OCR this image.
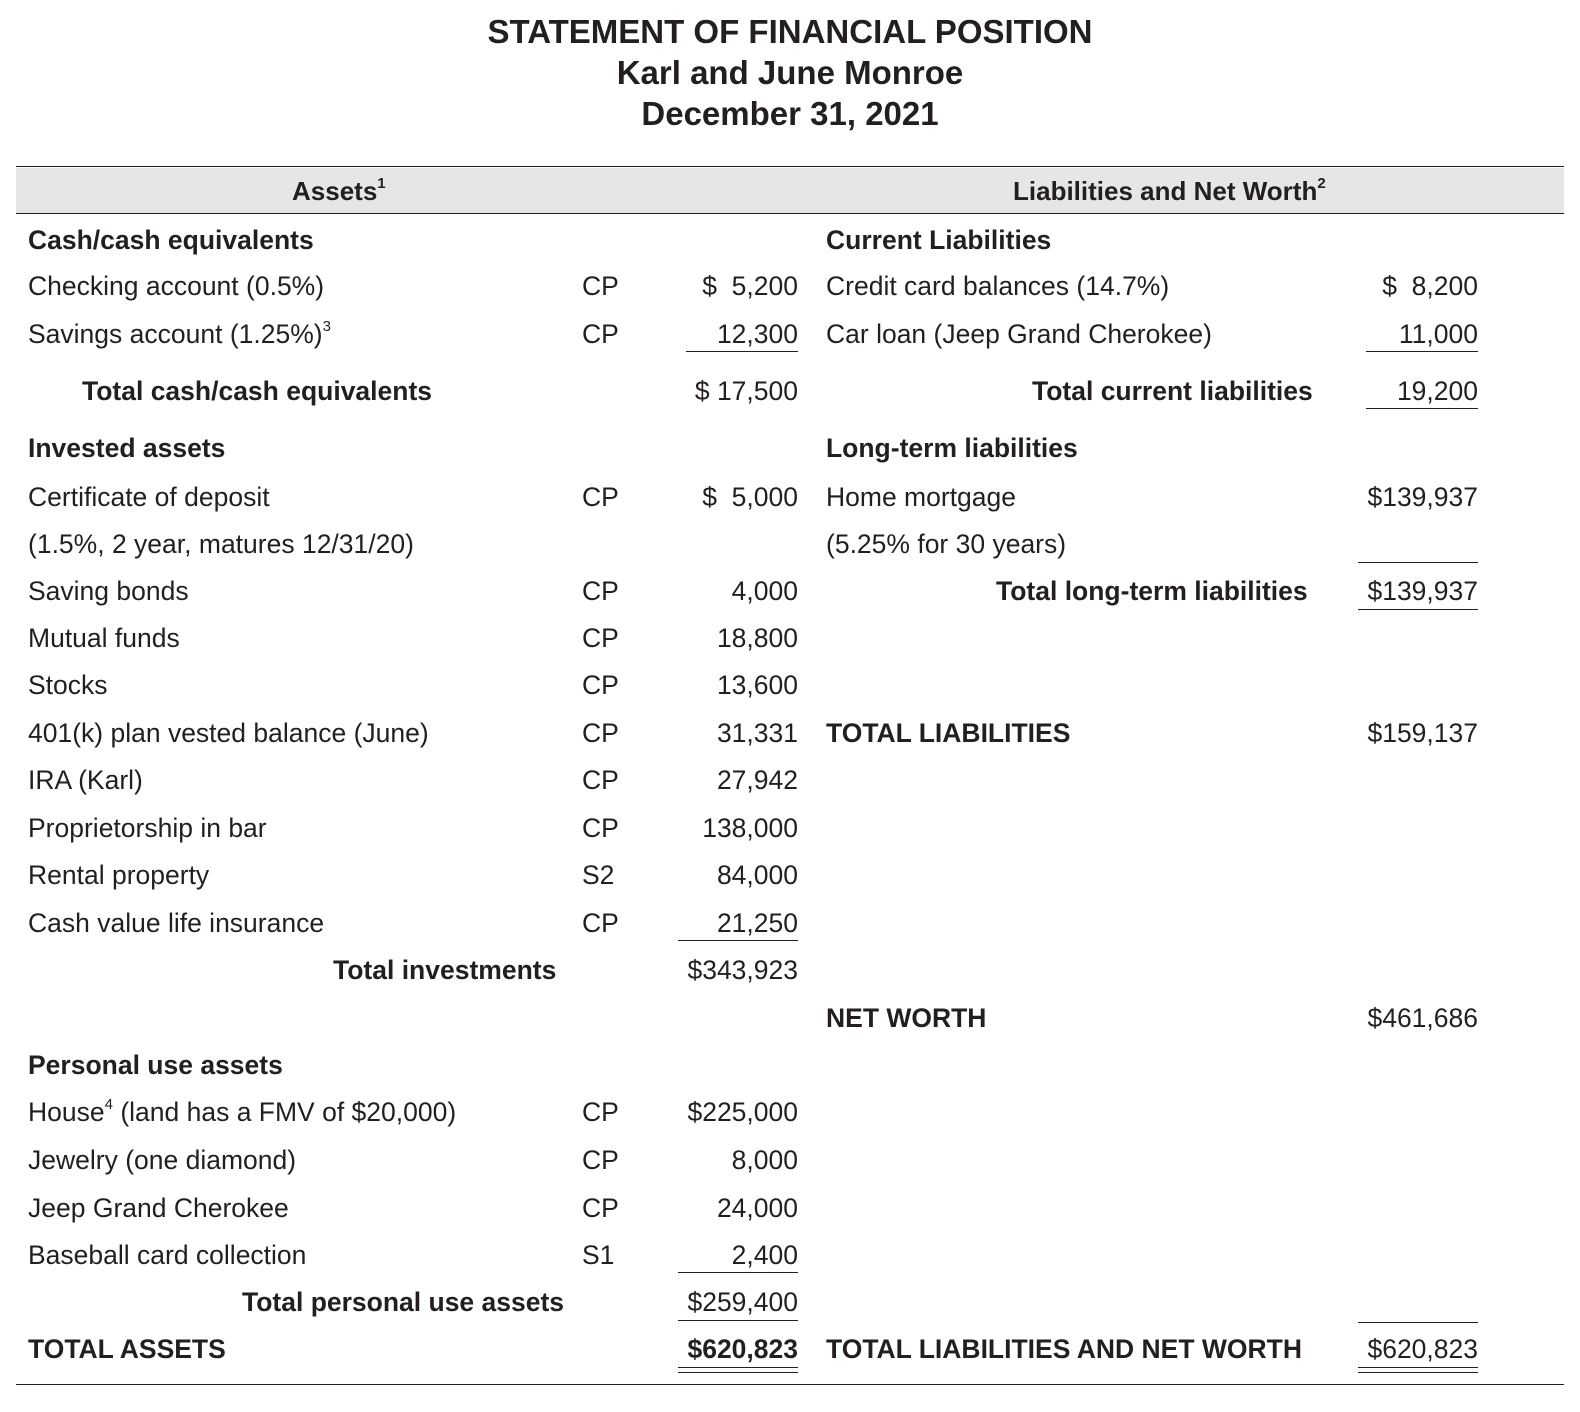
STATEMENT OF FINANCIAL POSITION
Karl and June Monroe
December 31, 2021
Assets$^1$	Liabilities and Net Worth$^2$
Cash/cash equivalents
Checking account (0.5%)	CP	$  5,200
Savings account $(1.25\%)^3$	CP	12,300
Total cash/cash equivalents	$ 17,500
Invested assets
Certificate of deposit	CP	$  5,000
(1.5%, 2 year, matures 12/31/20)
Saving bonds	CP	4,000
Mutual funds	CP	18,800
Stocks	CP	13,600
401(k) plan vested balance (June)	CP	31,331
IRA (Karl)	CP	27,942
Proprietorship in bar	CP	138,000
Rental property	S2	84,000
Cash value life insurance	CP	21,250
Total investments	$343,923
Personal use assets
House$^4$ (land has a FMV of $20,000)	CP	$225,000
Jewelry (one diamond)	CP	8,000
Jeep Grand Cherokee	CP	24,000
Baseball card collection	S1	2,400
Total personal use assets	$259,400
TOTAL ASSETS	$620,823
Current Liabilities
Credit card balances (14.7%)	$  8,200
Car loan (Jeep Grand Cherokee)	11,000
Total current liabilities	19,200
Long-term liabilities
Home mortgage	$139,937
(5.25% for 30 years)
Total long-term liabilities	$139,937
TOTAL LIABILITIES	$159,137
NET WORTH	$461,686
TOTAL LIABILITIES AND NET WORTH	$620,823
